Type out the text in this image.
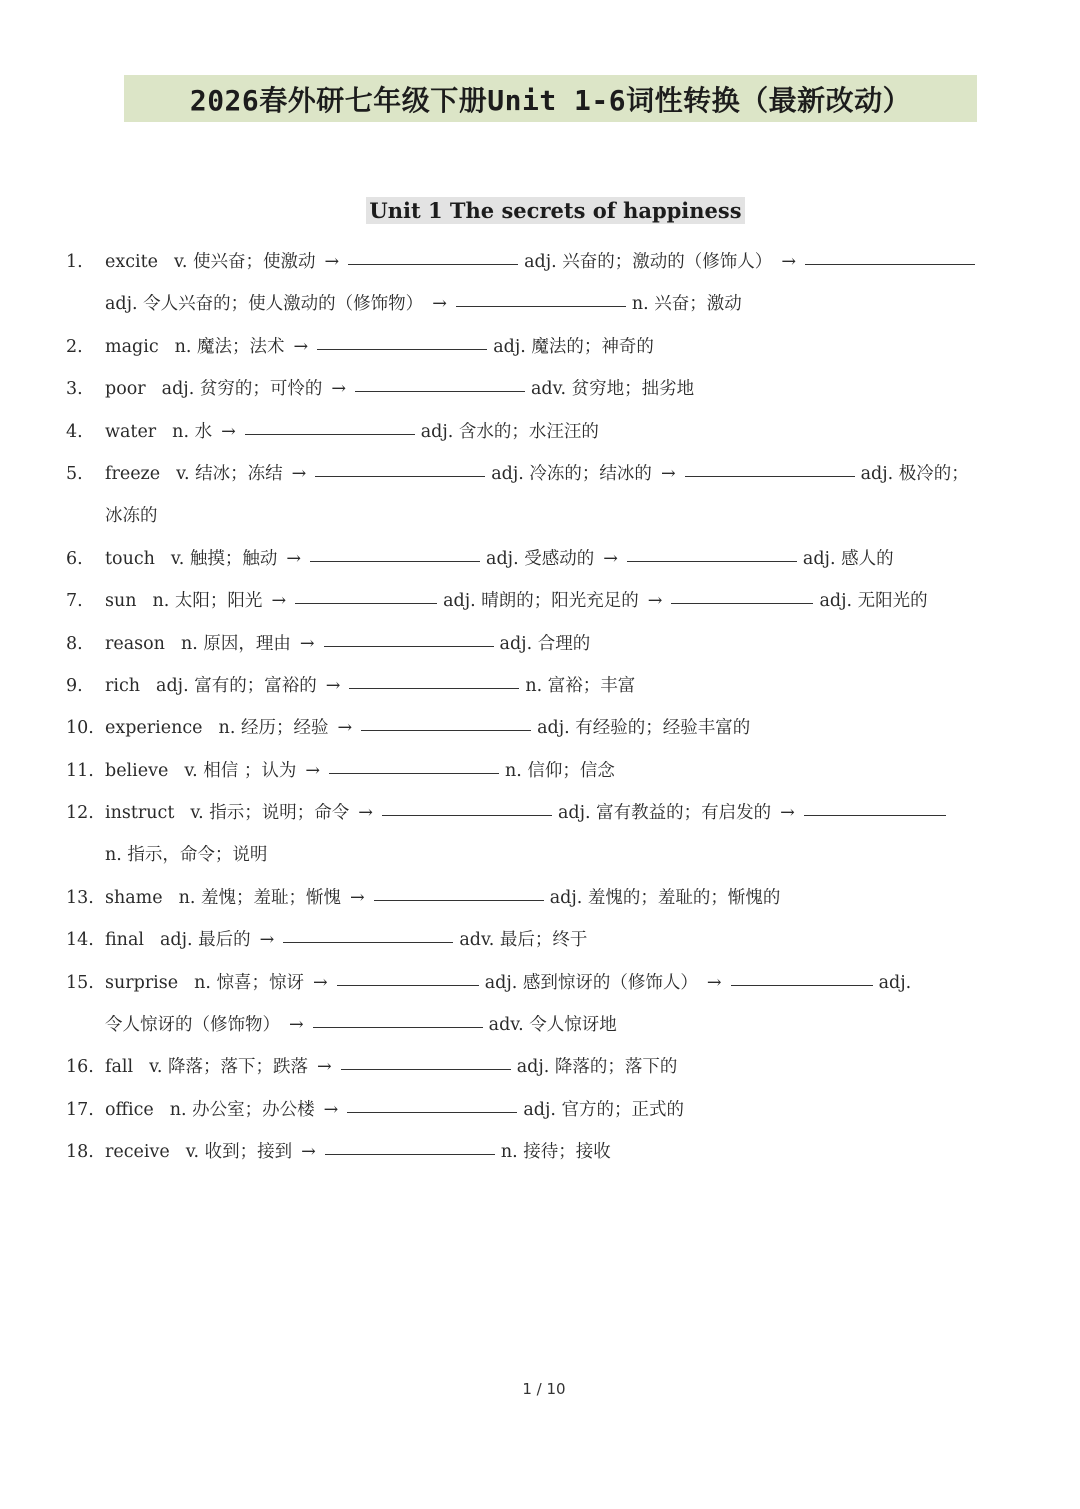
2026春外研七年级下册Unit 1-6词性转换（最新改动）
Unit 1 The secrets of happiness
1. excite v. 使兴奋；使激动 →	adj. 兴奋的；激动的（修饰人） →
adj. 令人兴奋的；使人激动的（修饰物） →	n. 兴奋；激动
2. magic n. 魔法；法术 →	adj. 魔法的；神奇的
3. poor adj. 贫穷的；可怜的 →	adv. 贫穷地；拙劣地
4. water n. 水 →	adj. 含水的；水汪汪的
5. freeze v. 结冰；冻结 →	adj. 冷冻的；结冰的 →	adj. 极冷的；
冰冻的
6. touch v. 触摸；触动 →	adj. 受感动的 →	adj. 感人的
7. sun n. 太阳；阳光 →	adj. 晴朗的；阳光充足的 →	adj. 无阳光的
8. reason n. 原因，理由 →	adj. 合理的
9. rich adj. 富有的；富裕的 →	n. 富裕；丰富
10. experience n. 经历；经验 →	adj. 有经验的；经验丰富的
11. believe v. 相信 ；认为 →	n. 信仰；信念
12. instruct v. 指示；说明；命令 →	adj. 富有教益的；有启发的 →
n. 指示，命令；说明
13. shame n. 羞愧；羞耻；惭愧 →	adj. 羞愧的；羞耻的；惭愧的
14. final adj. 最后的 →	adv. 最后；终于
15. surprise n. 惊喜；惊讶 →	adj. 感到惊讶的（修饰人） →	adj.
令人惊讶的（修饰物） →	adv. 令人惊讶地
16. fall v. 降落；落下；跌落 →	adj. 降落的；落下的
17. office n. 办公室；办公楼 →	adj. 官方的；正式的
18. receive v. 收到；接到 →	n. 接待；接收
1 / 10
